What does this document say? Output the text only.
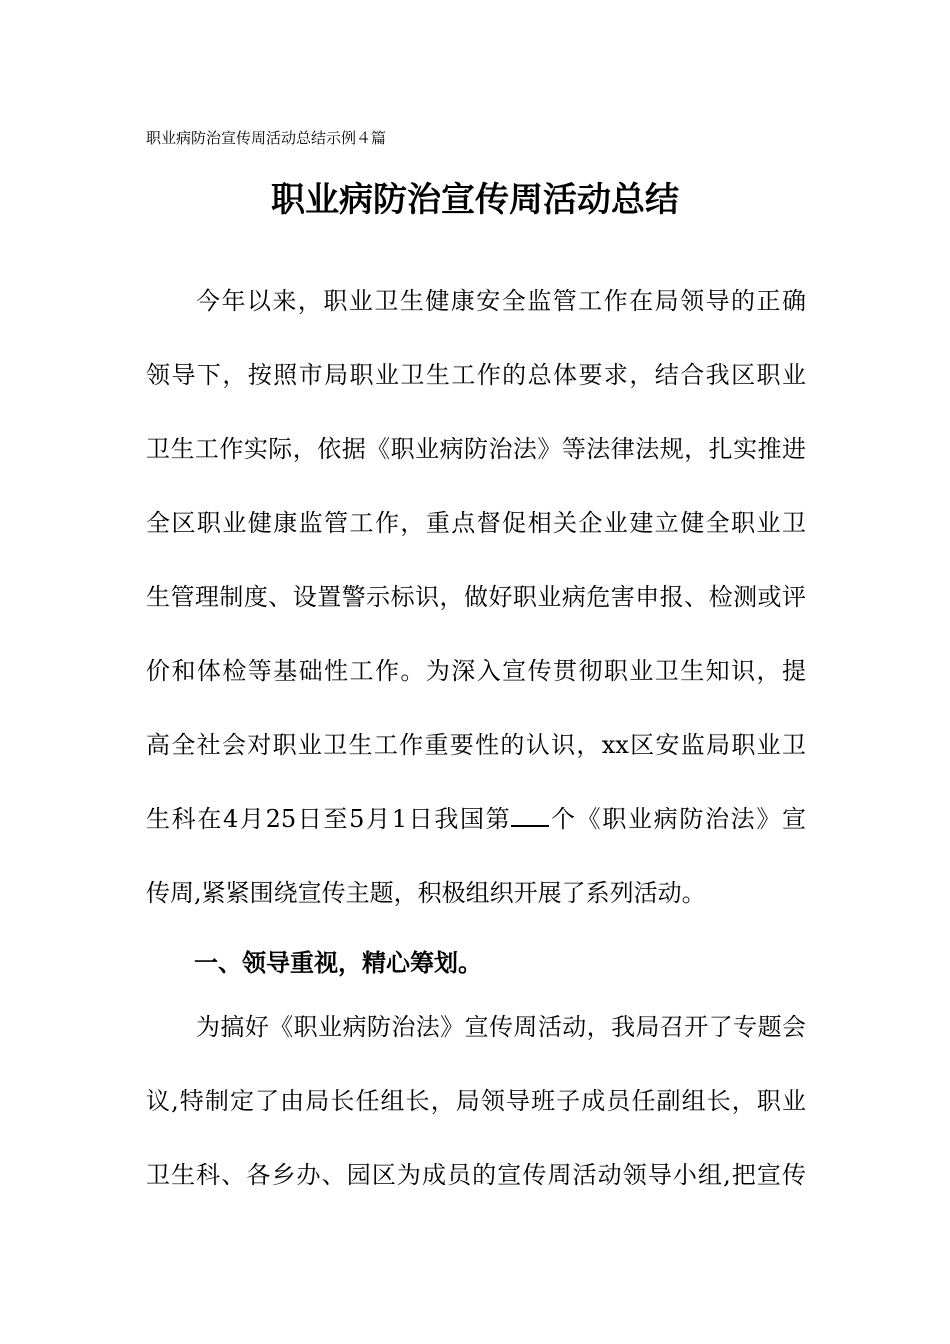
职业病防治宣传周活动总结示例４篇
职业病防治宣传周活动总结
今年以来，职业卫生健康安全监管工作在局领导的正确
领导下，按照市局职业卫生工作的总体要求，结合我区职业
卫生工作实际，依据《职业病防治法》等法律法规，扎实推进
全区职业健康监管工作，重点督促相关企业建立健全职业卫
生管理制度、设置警示标识，做好职业病危害申报、检测或评
价和体检等基础性工作。为深入宣传贯彻职业卫生知识，提
高全社会对职业卫生工作重要性的认识，xx区安监局职业卫
生科在4月25日至5月1日我国第 个《职业病防治法》宣
传周,紧紧围绕宣传主题，积极组织开展了系列活动。
一、领导重视，精心筹划。
为搞好《职业病防治法》宣传周活动，我局召开了专题会
议,特制定了由局长任组长，局领导班子成员任副组长，职业
卫生科、各乡办、园区为成员的宣传周活动领导小组,把宣传
